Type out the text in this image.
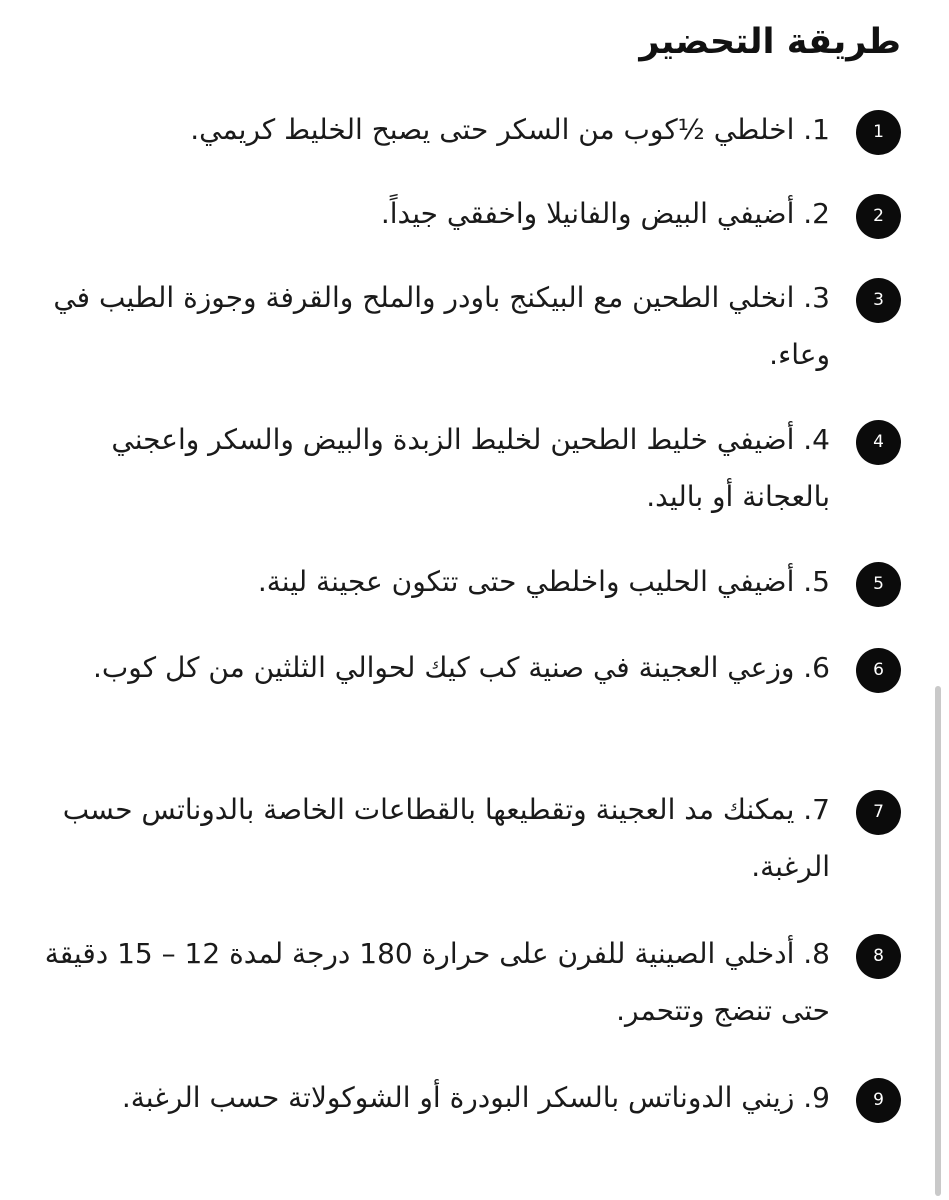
طريقة التحضير
1
1. اخلطي ½كوب من السكر حتى يصبح الخليط كريمي.
2
2. أضيفي البيض والفانيلا واخفقي جيداً.
3
3. انخلي الطحين مع البيكنج باودر والملح والقرفة وجوزة الطيب في وعاء.
4
4. أضيفي خليط الطحين لخليط الزبدة والبيض والسكر واعجني بالعجانة أو باليد.
5
5. أضيفي الحليب واخلطي حتى تتكون عجينة لينة.
6
6. وزعي العجينة في صنية كب كيك لحوالي الثلثين من كل كوب.
7
7. يمكنك مد العجينة وتقطيعها بالقطاعات الخاصة بالدوناتس حسب الرغبة.
8
8. أدخلي الصينية للفرن على حرارة 180 درجة لمدة 12 – 15 دقيقة حتى تنضج وتتحمر.
9
9. زيني الدوناتس بالسكر البودرة أو الشوكولاتة حسب الرغبة.
